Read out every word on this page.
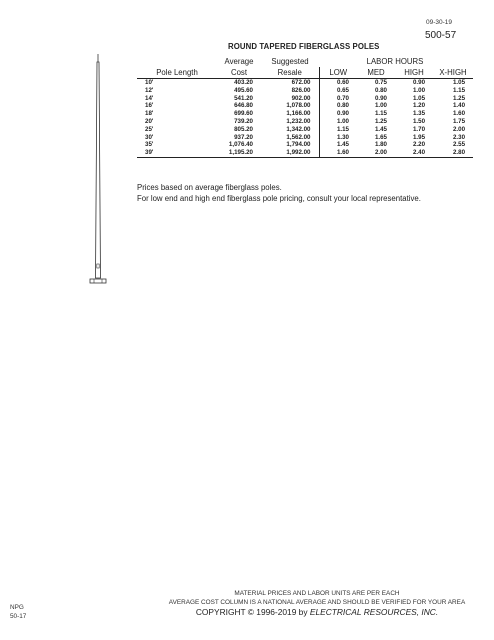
09-30-19
500-57
ROUND TAPERED FIBERGLASS POLES
	Average	Suggested		LABOR HOURS		
Pole Length	Cost	Resale	LOW	MED	HIGH	X-HIGH
10'	403.20	672.00	0.60	0.75	0.90	1.05
12'	495.60	826.00	0.65	0.80	1.00	1.15
14'	541.20	902.00	0.70	0.90	1.05	1.25
16'	646.80	1,078.00	0.80	1.00	1.20	1.40
18'	699.60	1,166.00	0.90	1.15	1.35	1.60
20'	739.20	1,232.00	1.00	1.25	1.50	1.75
25'	805.20	1,342.00	1.15	1.45	1.70	2.00
30'	937.20	1,562.00	1.30	1.65	1.95	2.30
35'	1,076.40	1,794.00	1.45	1.80	2.20	2.55
39'	1,195.20	1,992.00	1.60	2.00	2.40	2.80
Prices based on average fiberglass poles.
For low end and high end fiberglass pole pricing, consult your local representative.
NPG
50-17
MATERIAL PRICES AND LABOR UNITS ARE PER EACH
AVERAGE COST COLUMN IS A NATIONAL AVERAGE AND SHOULD BE VERIFIED FOR YOUR AREA
COPYRIGHT © 1996-2019 by ELECTRICAL RESOURCES, INC.
